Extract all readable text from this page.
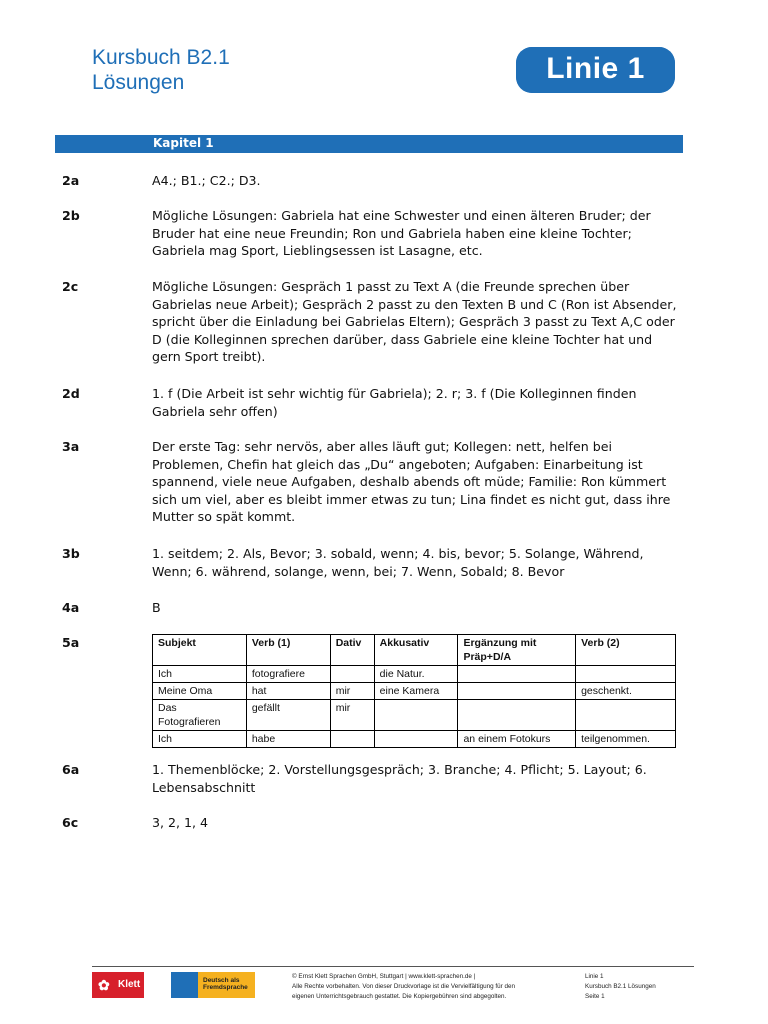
Kursbuch B2.1
Lösungen	Linie 1
Kapitel 1
2a	A4.; B1.; C2.; D3.
2b	Mögliche Lösungen: Gabriela hat eine Schwester und einen älteren Bruder; der Bruder hat eine neue Freundin; Ron und Gabriela haben eine kleine Tochter; Gabriela mag Sport, Lieblingsessen ist Lasagne, etc.
2c	Mögliche Lösungen: Gespräch 1 passt zu Text A (die Freunde sprechen über Gabrielas neue Arbeit); Gespräch 2 passt zu den Texten B und C (Ron ist Absender, spricht über die Einladung bei Gabrielas Eltern); Gespräch 3 passt zu Text A,C oder D (die Kolleginnen sprechen darüber, dass Gabriele eine kleine Tochter hat und gern Sport treibt).
2d	1. f (Die Arbeit ist sehr wichtig für Gabriela); 2. r; 3. f (Die Kolleginnen finden Gabriela sehr offen)
3a	Der erste Tag: sehr nervös, aber alles läuft gut; Kollegen: nett, helfen bei Problemen, Chefin hat gleich das „Du“ angeboten; Aufgaben: Einarbeitung ist spannend, viele neue Aufgaben, deshalb abends oft müde; Familie: Ron kümmert sich um viel, aber es bleibt immer etwas zu tun; Lina findet es nicht gut, dass ihre Mutter so spät kommt.
3b	1. seitdem; 2. Als, Bevor; 3. sobald, wenn; 4. bis, bevor; 5. Solange, Während, Wenn; 6. während, solange, wenn, bei; 7. Wenn, Sobald; 8. Bevor
4a	B
5a	Subjekt	Verb (1)	Dativ	Akkusativ	Ergänzung mit Präp+D/A	Verb (2)
Ich	fotografiere		die Natur.		
Meine Oma	hat	mir	eine Kamera		geschenkt.
Das Fotografieren	gefällt	mir			
Ich	habe			an einem Fotokurs	teilgenommen.
6a	1. Themenblöcke; 2. Vorstellungsgespräch; 3. Branche; 4. Pflicht; 5. Layout; 6. Lebensabschnitt
6c	3, 2, 1, 4
✿ Klett	Deutsch als Fremdsprache
© Ernst Klett Sprachen GmbH, Stuttgart | www.klett-sprachen.de |
Alle Rechte vorbehalten. Von dieser Druckvorlage ist die Vervielfältigung für den
eigenen Unterrichtsgebrauch gestattet. Die Kopiergebühren sind abgegolten.
Linie 1
Kursbuch B2.1 Lösungen
Seite 1
